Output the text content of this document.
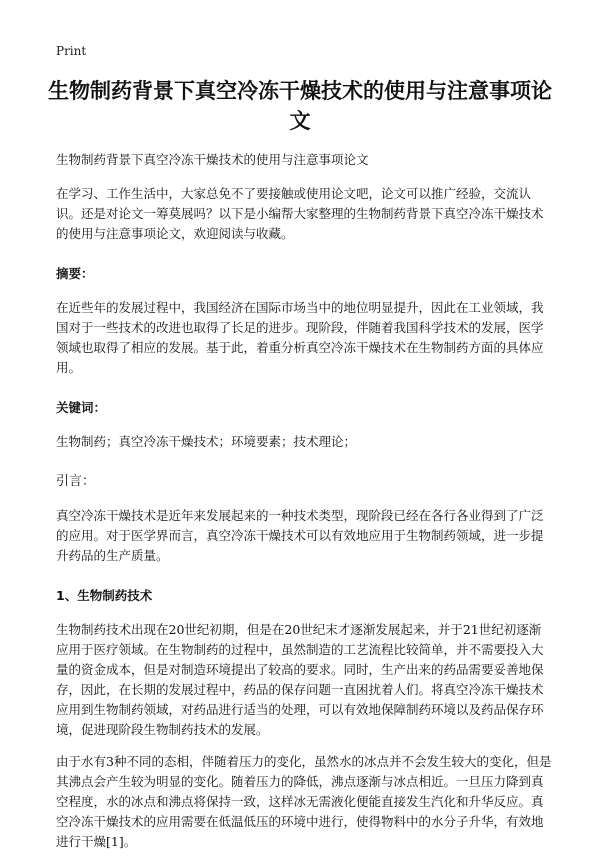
Print
生物制药背景下真空冷冻干燥技术的使用与注意事项论文

生物制药背景下真空冷冻干燥技术的使用与注意事项论文

在学习、工作生活中，大家总免不了要接触或使用论文吧，论文可以推广经验，交流认识。还是对论文一筹莫展吗？以下是小编帮大家整理的生物制药背景下真空冷冻干燥技术的使用与注意事项论文，欢迎阅读与收藏。

摘要：

在近些年的发展过程中，我国经济在国际市场当中的地位明显提升，因此在工业领域，我国对于一些技术的改进也取得了长足的进步。现阶段，伴随着我国科学技术的发展，医学领域也取得了相应的发展。基于此，着重分析真空冷冻干燥技术在生物制药方面的具体应用。

关键词：

生物制药；真空冷冻干燥技术；环境要素；技术理论；

引言：

真空冷冻干燥技术是近年来发展起来的一种技术类型，现阶段已经在各行各业得到了广泛的应用。对于医学界而言，真空冷冻干燥技术可以有效地应用于生物制药领域，进一步提升药品的生产质量。

1、生物制药技术

生物制药技术出现在20世纪初期，但是在20世纪末才逐渐发展起来，并于21世纪初逐渐应用于医疗领域。在生物制药的过程中，虽然制造的工艺流程比较简单，并不需要投入大量的资金成本，但是对制造环境提出了较高的要求。同时，生产出来的药品需要妥善地保存，因此，在长期的发展过程中，药品的保存问题一直困扰着人们。将真空冷冻干燥技术应用到生物制药领域，对药品进行适当的处理，可以有效地保障制药环境以及药品保存环境，促进现阶段生物制药技术的发展。

由于水有3种不同的态相，伴随着压力的变化，虽然水的冰点并不会发生较大的变化，但是其沸点会产生较为明显的变化。随着压力的降低，沸点逐渐与冰点相近。一旦压力降到真空程度，水的冰点和沸点将保持一致，这样冰无需液化便能直接发生汽化和升华反应。真空冷冻干燥技术的应用需要在低温低压的环境中进行，使得物料中的水分子升华，有效地进行干燥[1]。
